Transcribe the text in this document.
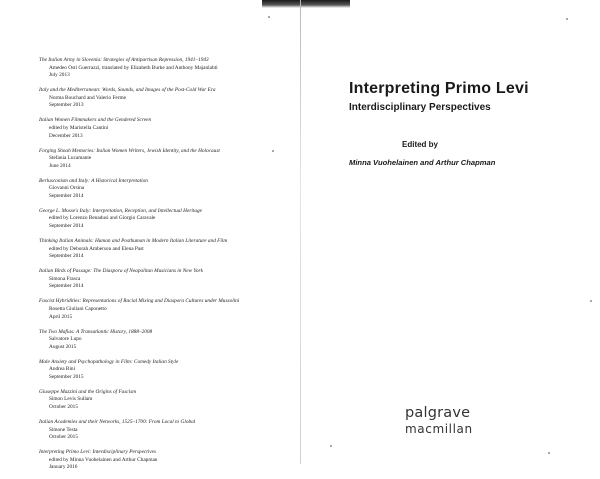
The Italian Army in Slovenia: Strategies of Antipartisan Repression, 1941–1943
Amedeo Osti Guerrazzi, translated by Elizabeth Burke and Anthony Majanlahti
July 2013
Italy and the Mediterranean: Words, Sounds, and Images of the Post-Cold War Era
Norma Bouchard and Valerio Ferme
September 2013
Italian Women Filmmakers and the Gendered Screen
edited by Maristella Cantini
December 2013
Forging Shoah Memories: Italian Women Writers, Jewish Identity, and the Holocaust
Stefania Lucamante
June 2014
Berlusconism and Italy: A Historical Interpretation
Giovanni Orsina
September 2014
George L. Mosse's Italy: Interpretation, Reception, and Intellectual Heritage
edited by Lorenzo Benadusi and Giorgio Caravale
September 2014
Thinking Italian Animals: Human and Posthuman in Modern Italian Literature and Film
edited by Deborah Amberson and Elena Past
September 2014
Italian Birds of Passage: The Diaspora of Neapolitan Musicians in New York
Simona Frasca
September 2014
Fascist Hybridities: Representations of Racial Mixing and Diaspora Cultures under Mussolini
Rosetta Giuliani Caponetto
April 2015
The Two Mafias: A Transatlantic History, 1888–2008
Salvatore Lupo
August 2015
Male Anxiety and Psychopathology in Film: Comedy Italian Style
Andrea Bini
September 2015
Giuseppe Mazzini and the Origins of Fascism
Simon Levis Sullam
October 2015
Italian Academies and their Networks, 1525–1700: From Local to Global
Simone Testa
October 2015
Interpreting Primo Levi: Interdisciplinary Perspectives
edited by Minna Vuohelainen and Arthur Chapman
January 2016
Interpreting Primo Levi
Interdisciplinary Perspectives
Edited by
Minna Vuohelainen and Arthur Chapman
palgrave
macmillan
